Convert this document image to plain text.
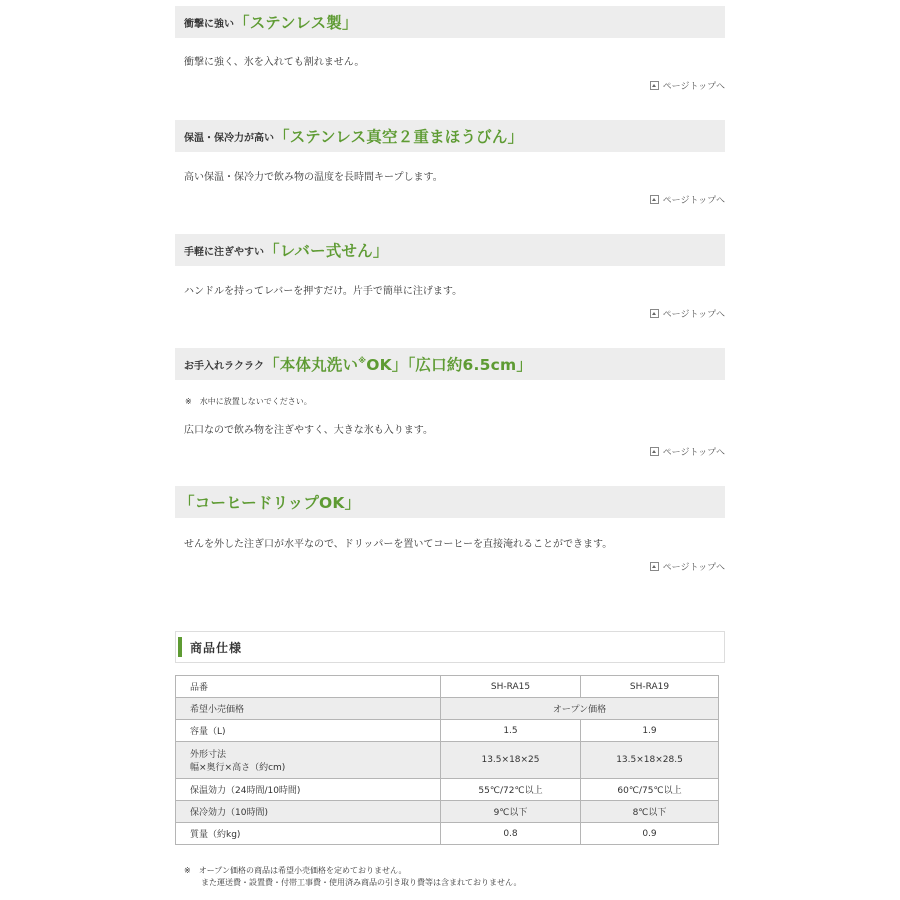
衝撃に強い 「ステンレス製」
衝撃に強く、氷を入れても割れません。
ページトップへ
保温・保冷力が高い 「ステンレス真空２重まほうびん」
高い保温・保冷力で飲み物の温度を長時間キープします。
ページトップへ
手軽に注ぎやすい 「レバー式せん」
ハンドルを持ってレバーを押すだけ。片手で簡単に注げます。
ページトップへ
お手入れラクラク 「本体丸洗い※OK」「広口約6.5cm」
※　水中に放置しないでください。
広口なので飲み物を注ぎやすく、大きな氷も入ります。
ページトップへ
「コーヒードリップOK」
せんを外した注ぎ口が水平なので、ドリッパーを置いてコーヒーを直接淹れることができます。
ページトップへ
商品仕様
品番	SH-RA15	SH-RA19
希望小売価格	オープン価格	
容量（L)	1.5	1.9

外形寸法
幅×奥行×高さ（約cm)	13.5×18×25	13.5×18×28.5
保温効力（24時間/10時間)	55℃/72℃以上	60℃/75℃以上
保冷効力（10時間)	9℃以下	8℃以下
質量（約kg)	0.8	0.9
※　オープン価格の商品は希望小売価格を定めておりません。
また運送費・設置費・付帯工事費・使用済み商品の引き取り費等は含まれておりません。
